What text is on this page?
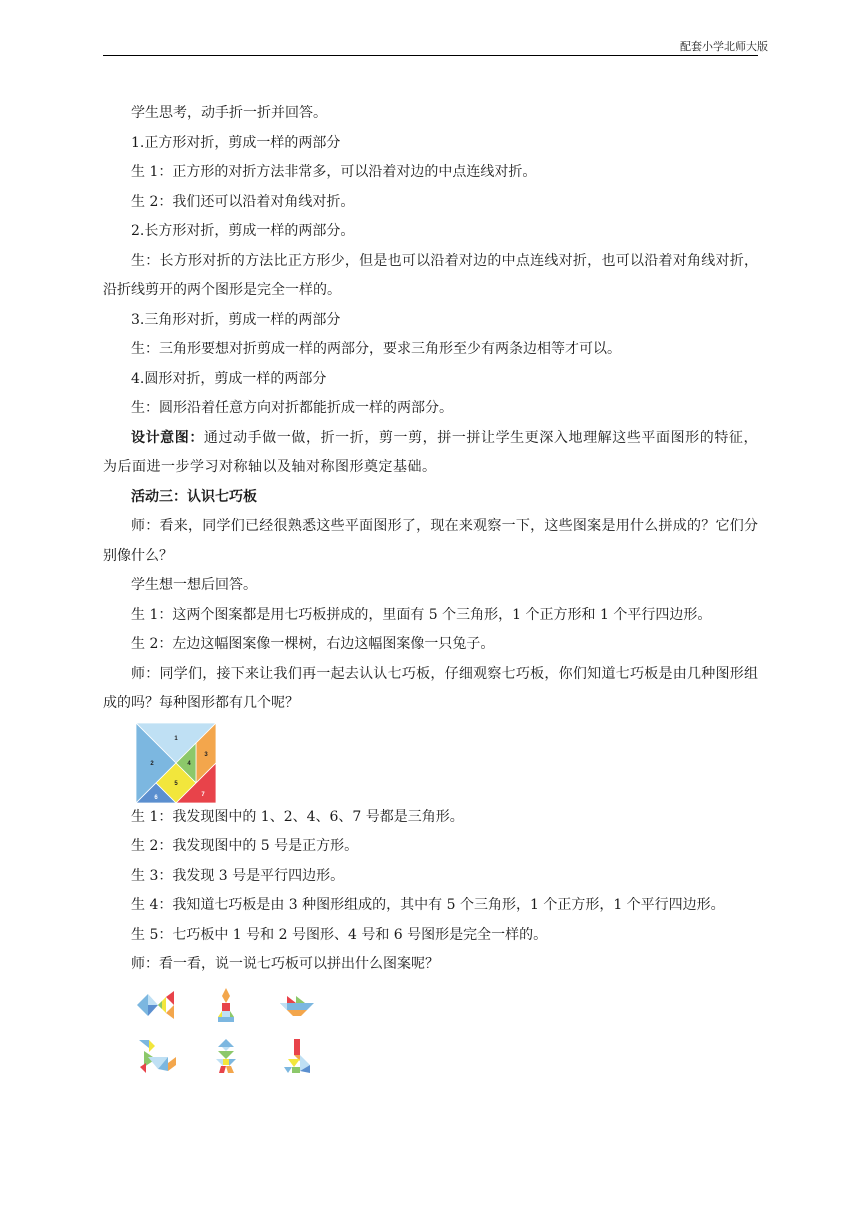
配套小学北师大版

学生思考，动手折一折并回答。

1.正方形对折，剪成一样的两部分

生 1：正方形的对折方法非常多，可以沿着对边的中点连线对折。

生 2：我们还可以沿着对角线对折。

2.长方形对折，剪成一样的两部分。

生：长方形对折的方法比正方形少，但是也可以沿着对边的中点连线对折，也可以沿着对角线对折，沿折线剪开的两个图形是完全一样的。

3.三角形对折，剪成一样的两部分

生：三角形要想对折剪成一样的两部分，要求三角形至少有两条边相等才可以。

4.圆形对折，剪成一样的两部分

生：圆形沿着任意方向对折都能折成一样的两部分。

设计意图：通过动手做一做，折一折，剪一剪，拼一拼让学生更深入地理解这些平面图形的特征，为后面进一步学习对称轴以及轴对称图形奠定基础。

活动三：认识七巧板

师：看来，同学们已经很熟悉这些平面图形了，现在来观察一下，这些图案是用什么拼成的？它们分别像什么？

学生想一想后回答。

生 1：这两个图案都是用七巧板拼成的，里面有 5 个三角形，1 个正方形和 1 个平行四边形。

生 2：左边这幅图案像一棵树，右边这幅图案像一只兔子。

师：同学们，接下来让我们再一起去认认七巧板，仔细观察七巧板，你们知道七巧板是由几种图形组成的吗？每种图形都有几个呢？

1
2
3
4
5
6	7

生 1：我发现图中的 1、2、4、6、7 号都是三角形。

生 2：我发现图中的 5 号是正方形。

生 3：我发现 3 号是平行四边形。

生 4：我知道七巧板是由 3 种图形组成的，其中有 5 个三角形，1 个正方形，1 个平行四边形。

生 5：七巧板中 1 号和 2 号图形、4 号和 6 号图形是完全一样的。

师：看一看，说一说七巧板可以拼出什么图案呢？
